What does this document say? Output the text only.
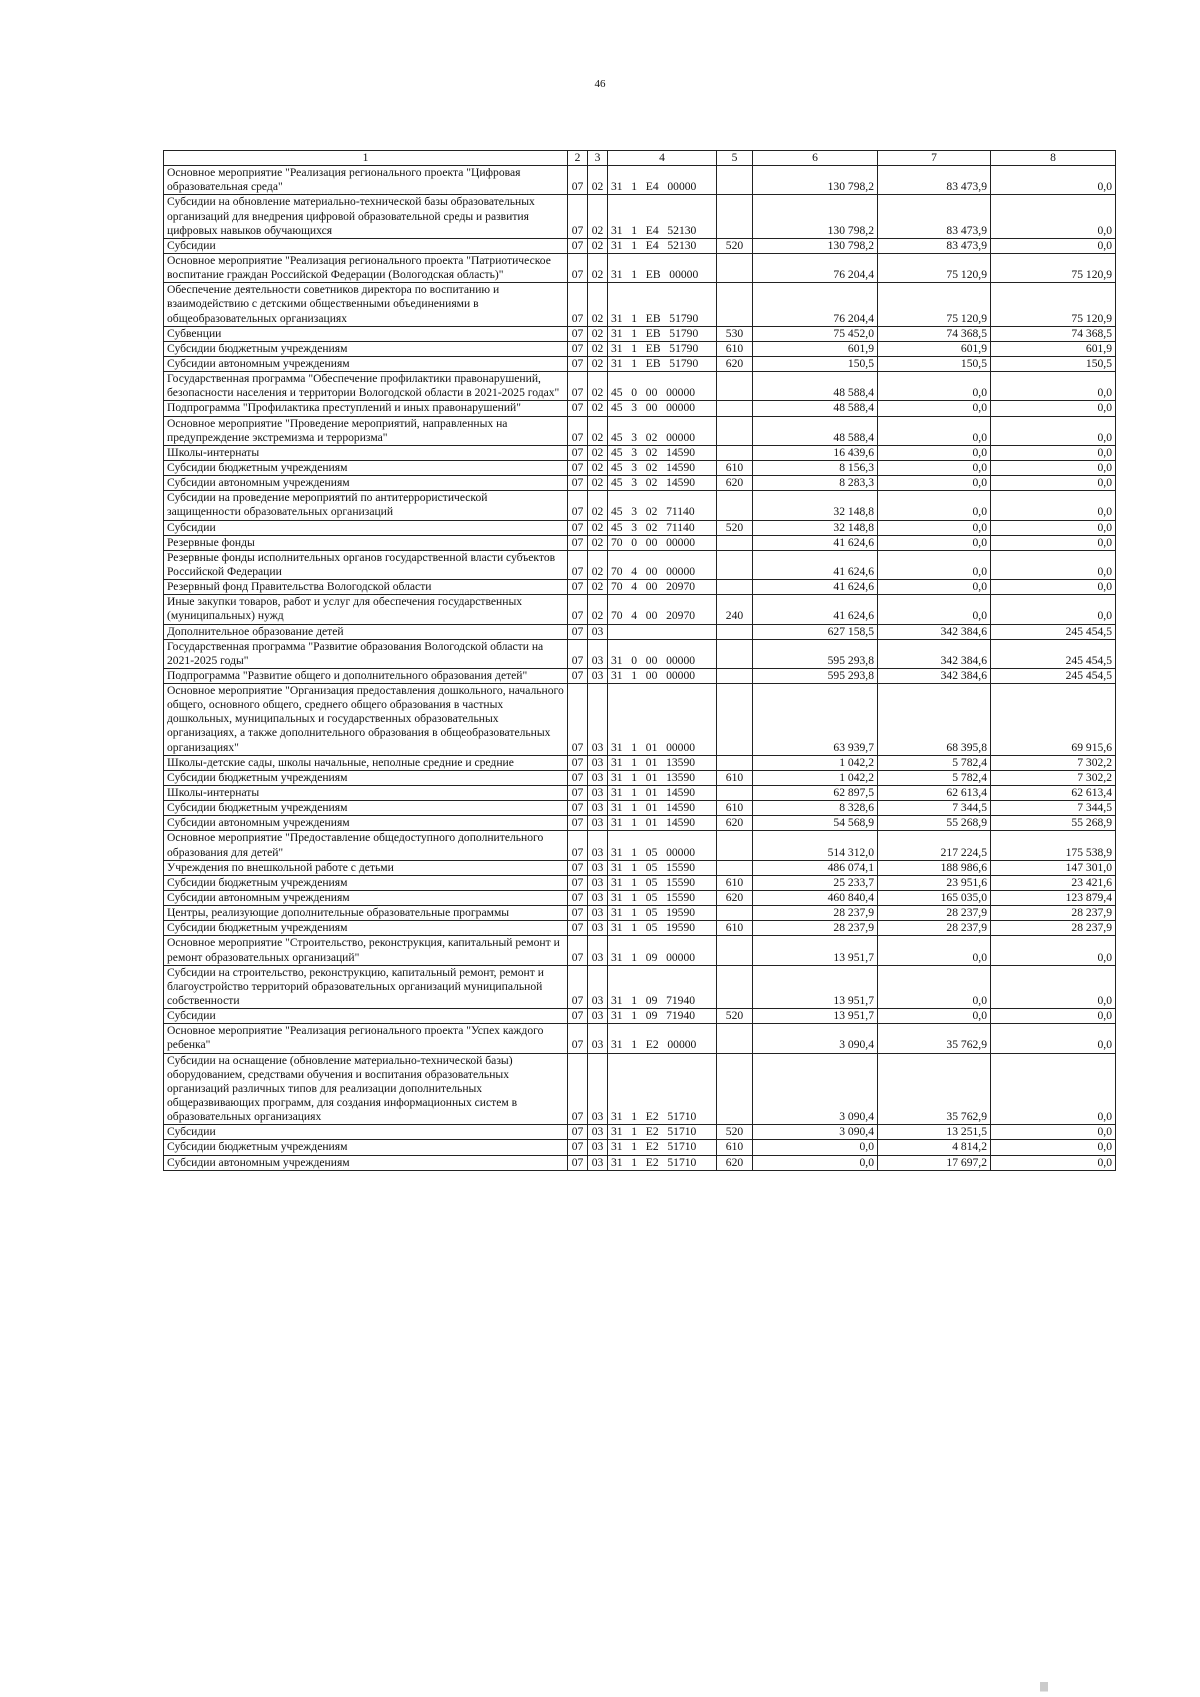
46
1	2	3	4	5	6	7	8
Основное мероприятие "Реализация регионального проекта "Цифровая образовательная среда"	07	02	31   1   E4   00000		130 798,2	83 473,9	0,0
Субсидии на обновление материально-технической базы образовательных организаций для внедрения цифровой образовательной среды и развития цифровых навыков обучающихся	07	02	31   1   E4   52130		130 798,2	83 473,9	0,0
Субсидии	07	02	31   1   E4   52130	520	130 798,2	83 473,9	0,0
Основное мероприятие "Реализация регионального проекта "Патриотическое воспитание граждан Российской Федерации (Вологодская область)"	07	02	31   1   EB   00000		76 204,4	75 120,9	75 120,9
Обеспечение деятельности советников директора по воспитанию и взаимодействию с детскими общественными объединениями в общеобразовательных организациях	07	02	31   1   EB   51790		76 204,4	75 120,9	75 120,9
Субвенции	07	02	31   1   EB   51790	530	75 452,0	74 368,5	74 368,5
Субсидии бюджетным учреждениям	07	02	31   1   EB   51790	610	601,9	601,9	601,9
Субсидии автономным учреждениям	07	02	31   1   EB   51790	620	150,5	150,5	150,5
Государственная программа "Обеспечение профилактики правонарушений, безопасности населения и территории Вологодской области в 2021-2025 годах"	07	02	45   0   00   00000		48 588,4	0,0	0,0
Подпрограмма "Профилактика преступлений и иных правонарушений"	07	02	45   3   00   00000		48 588,4	0,0	0,0
Основное мероприятие "Проведение мероприятий, направленных на предупреждение экстремизма и терроризма"	07	02	45   3   02   00000		48 588,4	0,0	0,0
Школы-интернаты	07	02	45   3   02   14590		16 439,6	0,0	0,0
Субсидии бюджетным учреждениям	07	02	45   3   02   14590	610	8 156,3	0,0	0,0
Субсидии автономным учреждениям	07	02	45   3   02   14590	620	8 283,3	0,0	0,0
Субсидии на проведение мероприятий по антитеррористической защищенности образовательных организаций	07	02	45   3   02   71140		32 148,8	0,0	0,0
Субсидии	07	02	45   3   02   71140	520	32 148,8	0,0	0,0
Резервные фонды	07	02	70   0   00   00000		41 624,6	0,0	0,0
Резервные фонды исполнительных органов государственной власти субъектов Российской Федерации	07	02	70   4   00   00000		41 624,6	0,0	0,0
Резервный фонд Правительства Вологодской области	07	02	70   4   00   20970		41 624,6	0,0	0,0
Иные закупки товаров, работ и услуг для обеспечения государственных (муниципальных) нужд	07	02	70   4   00   20970	240	41 624,6	0,0	0,0
Дополнительное образование детей	07	03			627 158,5	342 384,6	245 454,5
Государственная программа "Развитие образования Вологодской области на 2021-2025 годы"	07	03	31   0   00   00000		595 293,8	342 384,6	245 454,5
Подпрограмма "Развитие общего и дополнительного образования детей"	07	03	31   1   00   00000		595 293,8	342 384,6	245 454,5
Основное мероприятие "Организация предоставления дошкольного, начального общего, основного общего, среднего общего образования в частных дошкольных, муниципальных и государственных образовательных организациях, а также дополнительного образования в общеобразовательных организациях"	07	03	31   1   01   00000		63 939,7	68 395,8	69 915,6
Школы-детские сады, школы начальные, неполные средние и средние	07	03	31   1   01   13590		1 042,2	5 782,4	7 302,2
Субсидии бюджетным учреждениям	07	03	31   1   01   13590	610	1 042,2	5 782,4	7 302,2
Школы-интернаты	07	03	31   1   01   14590		62 897,5	62 613,4	62 613,4
Субсидии бюджетным учреждениям	07	03	31   1   01   14590	610	8 328,6	7 344,5	7 344,5
Субсидии автономным учреждениям	07	03	31   1   01   14590	620	54 568,9	55 268,9	55 268,9
Основное мероприятие "Предоставление общедоступного дополнительного образования для детей"	07	03	31   1   05   00000		514 312,0	217 224,5	175 538,9
Учреждения по внешкольной работе с детьми	07	03	31   1   05   15590		486 074,1	188 986,6	147 301,0
Субсидии бюджетным учреждениям	07	03	31   1   05   15590	610	25 233,7	23 951,6	23 421,6
Субсидии автономным учреждениям	07	03	31   1   05   15590	620	460 840,4	165 035,0	123 879,4
Центры, реализующие дополнительные образовательные программы	07	03	31   1   05   19590		28 237,9	28 237,9	28 237,9
Субсидии бюджетным учреждениям	07	03	31   1   05   19590	610	28 237,9	28 237,9	28 237,9
Основное мероприятие "Строительство, реконструкция, капитальный ремонт и ремонт образовательных организаций"	07	03	31   1   09   00000		13 951,7	0,0	0,0
Субсидии на строительство, реконструкцию, капитальный ремонт, ремонт и благоустройство территорий образовательных организаций муниципальной собственности	07	03	31   1   09   71940		13 951,7	0,0	0,0
Субсидии	07	03	31   1   09   71940	520	13 951,7	0,0	0,0
Основное мероприятие "Реализация регионального проекта "Успех каждого ребенка"	07	03	31   1   E2   00000		3 090,4	35 762,9	0,0
Субсидии на оснащение (обновление материально-технической базы) оборудованием, средствами обучения и воспитания образовательных организаций различных типов для реализации дополнительных общеразвивающих программ, для создания информационных систем в образовательных организациях	07	03	31   1   E2   51710		3 090,4	35 762,9	0,0
Субсидии	07	03	31   1   E2   51710	520	3 090,4	13 251,5	0,0
Субсидии бюджетным учреждениям	07	03	31   1   E2   51710	610	0,0	4 814,2	0,0
Субсидии автономным учреждениям	07	03	31   1   E2   51710	620	0,0	17 697,2	0,0
||||
